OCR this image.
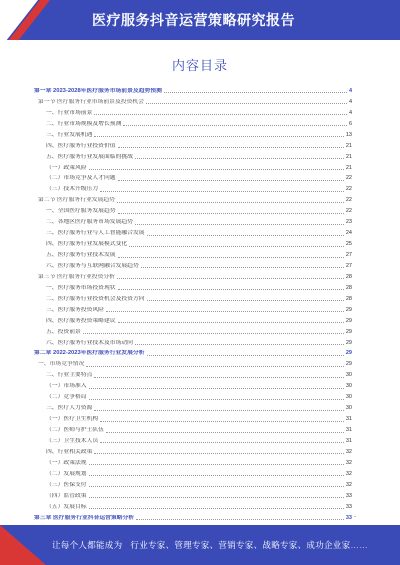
医疗服务抖音运营策略研究报告
内容目录
第一章 2023-2028年医疗服务市场前景及趋势预测	4
第一节 医疗服务行业市场前景及投资机会	4
一、行业市场前景	4
二、行业市场规模及增长预测	6
三、行业发展机遇	13
四、医疗服务行业投资价值	21
五、医疗服务行业发展面临的挑战	21
（一）政策风险	21
（二）市场竞争及人才问题	22
（三）技术升级压力	22
第二节 医疗服务行业发展趋势	22
一、全国医疗服务发展趋势	22
二、各地区医疗服务市场发展趋势	23
三、医疗服务行业与人工智能融合发展	24
四、医疗服务行业发展模式变化	25
五、医疗服务行业技术发展	27
六、医疗服务与互联网融合发展趋势	27
第三节 医疗服务行业投资分析	28
一、医疗服务市场投资现状	28
二、医疗服务行业投资机会及投资方向	28
三、医疗服务投资风险	29
四、医疗服务投资策略建议	29
五、投资前景	29
六、医疗服务行业技术及市场动向	29
第二章 2022-2023年医疗服务行业发展分析	29
一、市场竞争情况	29
二、行业主要特点	30
（一）市场准入	30
（二）竞争格局	30
三、医疗人力资源	30
（一）医疗卫生机构	31
（二）医师与护士队伍	31
（三）卫生技术人员	31
四、行业相关政策	32
（一）政策法规	32
（二）发展规划	32
（三）医保支付	32
（四）监管政策	33
（五）发展目标	33
第三章 医疗服务行业抖音运营策略分析	33 -
让每个人都能成为 行业专家、管理专家、营销专家、战略专家、成功企业家……
